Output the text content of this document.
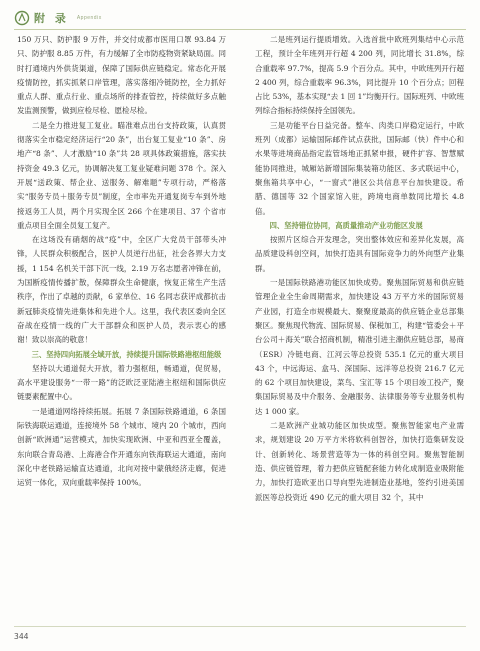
附 录 Appendix

150 万只、防护服 9 万件，并交付成都市医用口罩 93.84 万只、防护服 8.85 万件，有力缓解了全市防疫物资紧缺局面。同时打通境内外供货渠道，保障了国际供应链稳定。常态化开展疫情防控，抓实抓紧口岸管理，落实落细冷链防控，全力抓好重点人群、重点行业、重点场所的排查管控，持续做好多点触发监测预警，做到应检尽检、愿检尽检。

二是全力推进复工复业。瞄准难点出台支持政策，认真贯彻落实全市稳定经济运行“20 条”，出台复工复业“10 条”、房地产“8 条”、人才激励“10 条”共 28 项具体政策措施，落实扶持资金 49.3 亿元，协调解决复工复业疑难问题 378 个。深入开展“送政策、帮企业、送服务、解难题”专项行动，严格落实“服务专员＋服务专员”制度，全市率先开通复岗专车到外地接返务工人员，两个月实现全区 266 个在建项目、37 个省市重点项目全面全员复工复产。

在这场没有硝烟的战“疫”中，全区广大党员干部带头冲锋，人民群众积极配合，医护人员逆行出征，社会各界大力支援，1 154 名机关干部下沉一线，2.19 万名志愿者冲锋在前，为国断疫情传播扩散，保障群众生命健康，恢复正常生产生活秩序，作出了卓越的贡献，6 家单位、16 名同志获评成都抗击新冠肺炎疫情先进集体和先进个人。这里，我代表区委向全区奋战在疫情一线的广大干部群众和医护人员，表示衷心的感谢！致以崇高的敬意！

三、坚持四向拓展全域开放，持续提升国际铁路港枢纽能级

坚持以大通道促大开放，着力强枢纽，畅通道，促贸易，高水平建设服务“一带一路”的泛欧泛亚陆港主枢纽和国际供应链要素配置中心。

一是通道网络持续拓展。拓展 7 条国际铁路通道，6 条国际铁海联运通道，连接境外 58 个城市、境内 20 个城市，西向创新“欧洲通”运营模式，加快实现欧洲、中亚和西亚全覆盖，东向联合青岛港、上海港合作开通东向铁海联运大通道，南向深化中老铁路运输直达通道，北向对接中蒙俄经济走廊，促进运贸一体化，双向重载率保持 100%。

二是班列运行提质增效。入选首批中欧班列集结中心示范工程，预计全年班列开行超 4 200 列，同比增长 31.8%，综合重载率 97.7%，提高 5.9 个百分点。其中，中欧班列开行超 2 400 列，综合重载率 96.3%，同比提升 10 个百分点；回程占比 53%，基本实现“去 1 回 1”均衡开行。国际班列、中欧班列综合指标持续保持全国领先。

三是功能平台日益完备。整车、肉类口岸稳定运行，中欧班列（成都）运输国际邮件试点获批，国际邮（快）件中心和水果等进境商品指定监管场地正抓紧申报，硬件扩容、智慧赋能协同推进，城厢站新增国际集装箱功能区、多式联运中心，聚焦箱共享中心，“一窗式”港区公共信息平台加快建设。希腊、德国等 32 个国家馆入驻，跨境电商单数同比增长 4.8 倍。

四、坚持错位协同，高质量推动产业功能区发展

按照片区综合开发理念，突出整体效应和差异化发展，高品质建设科创空间，加快打造具有国际竞争力的外向型产业集群。

一是国际铁路港功能区加快成势。聚焦国际贸易和供应链管理企业全生命周期需求，加快建设 43 万平方米的国际贸易产业园，打造全市规模最大、聚聚度最高的供应链企业总部集聚区。聚焦现代物流、国际贸易、保税加工，构建“管委会＋平台公司＋海关”联合招商机制，精准引进主潮供应链总部，易商（ESR）冷链电商、江河云等总投资 535.1 亿元的重大项目 43 个，中远海运、盒马、深国际、远洋等总投资 216.7 亿元的 62 个项目加快建设，菜鸟、宝汇等 15 个项目竣工投产，聚集国际贸易及中介服务、金融服务、法律服务等专业服务机构达 1 000 家。

二是欧洲产业城功能区加快成型。聚焦智能家电产业需求，规划建设 20 万平方米将软科创智谷，加快打造集研发设计、创新转化、场景营造等为一体的科创空间。聚焦智能制造、供应链管理，着力把供应链配套能力转化成制造业吸附能力，加快打造欧亚出口导向型先进制造业基地，签约引进美国派医等总投资近 490 亿元的重大项目 32 个，其中

344
